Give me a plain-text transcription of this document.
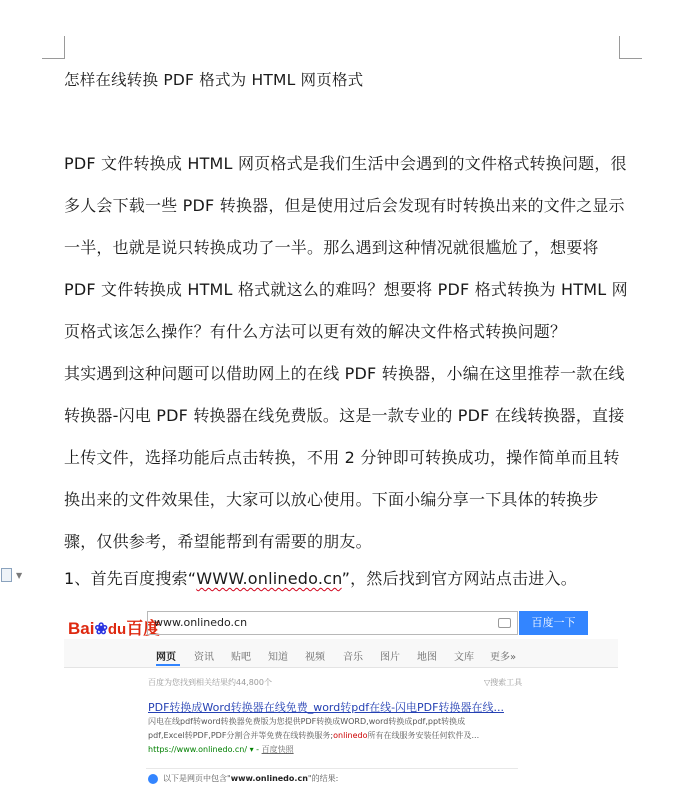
怎样在线转换 PDF 格式为 HTML 网页格式
PDF 文件转换成 HTML 网页格式是我们生活中会遇到的文件格式转换问题，很
多人会下载一些 PDF 转换器，但是使用过后会发现有时转换出来的文件之显示
一半，也就是说只转换成功了一半。那么遇到这种情况就很尴尬了，想要将
PDF 文件转换成 HTML 格式就这么的难吗？想要将 PDF 格式转换为 HTML 网
页格式该怎么操作？有什么方法可以更有效的解决文件格式转换问题？
其实遇到这种问题可以借助网上的在线 PDF 转换器，小编在这里推荐一款在线
转换器-闪电 PDF 转换器在线免费版。这是一款专业的 PDF 在线转换器，直接
上传文件，选择功能后点击转换，不用 2 分钟即可转换成功，操作简单而且转
换出来的文件效果佳，大家可以放心使用。下面小编分享一下具体的转换步
骤，仅供参考，希望能帮到有需要的朋友。
▼	1、首先百度搜索“WWW.onlinedo.cn”，然后找到官方网站点击进入。
Bai❀du百度
www.onlinedo.cn	百度一下
网页 资讯 贴吧 知道 视频 音乐 图片 地图 文库 更多»
百度为您找到相关结果约44,800个	▽搜索工具
PDF转换成Word转换器在线免费_word转pdf在线-闪电PDF转换器在线...
闪电在线pdf转word转换器免费版为您提供PDF转换成WORD,word转换成pdf,ppt转换成
pdf,Excel转PDF,PDF分割合并等免费在线转换服务;onlinedo所有在线服务安装任何软件及...
https://www.onlinedo.cn/ ▾ - 百度快照
以下是网页中包含"www.onlinedo.cn"的结果:
